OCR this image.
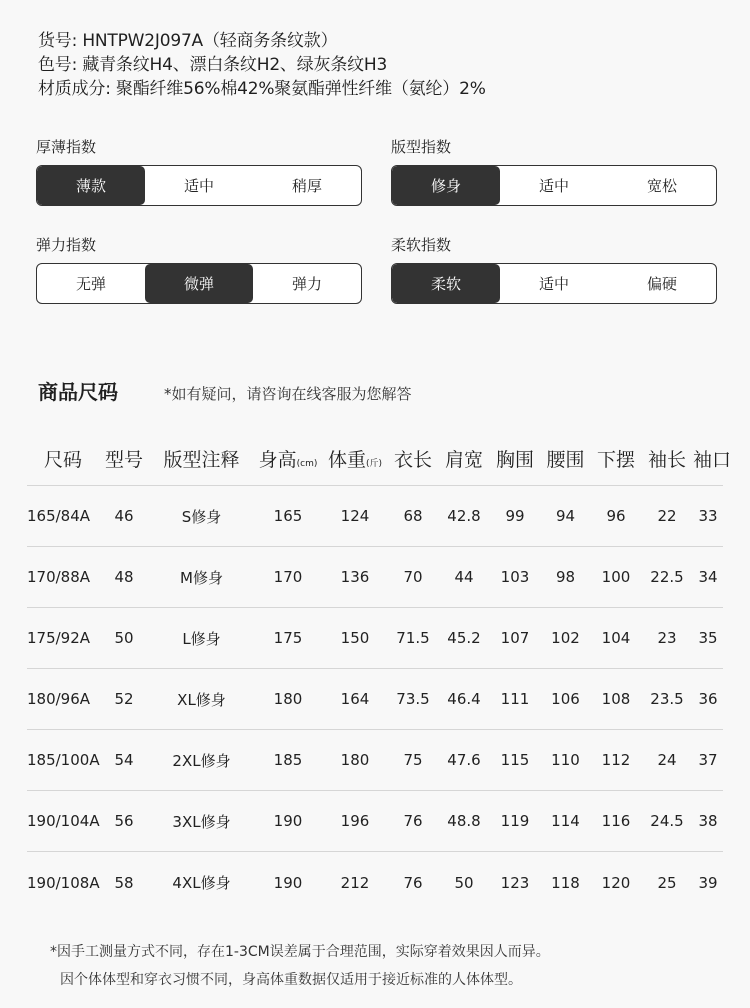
货号: HNTPW2J097A（轻商务条纹款）
色号: 藏青条纹H4、漂白条纹H2、绿灰条纹H3
材质成分: 聚酯纤维56%棉42%聚氨酯弹性纤维（氨纶）2%
厚薄指数
薄款	适中	稍厚
版型指数
修身	适中	宽松
弹力指数
无弹	微弹	弹力
柔软指数
柔软	适中	偏硬
商品尺码	*如有疑问，请咨询在线客服为您解答
尺码	型号	版型注释	身高(cm) 体重(斤) 衣长 肩宽 胸围 腰围 下摆 袖长 袖口
165/84A	46	S修身	165	124	68	42.8	99	94	96	22	33
170/88A	48	M修身	170	136	70	44	103	98	100	22.5 34
175/92A	50	L修身	175	150	71.5	45.2	107	102	104	23	35
180/96A	52	XL修身	180	164	73.5	46.4	111	106	108	23.5 36
185/100A 54	2XL修身	185	180	75	47.6	115	110	112	24	37
190/104A 56	3XL修身	190	196	76	48.8	119	114	116	24.5 38
190/108A 58	4XL修身	190	212	76	50	123	118	120	25	39
*因手工测量方式不同，存在1-3CM误差属于合理范围，实际穿着效果因人而异。
因个体体型和穿衣习惯不同，身高体重数据仅适用于接近标准的人体体型。
